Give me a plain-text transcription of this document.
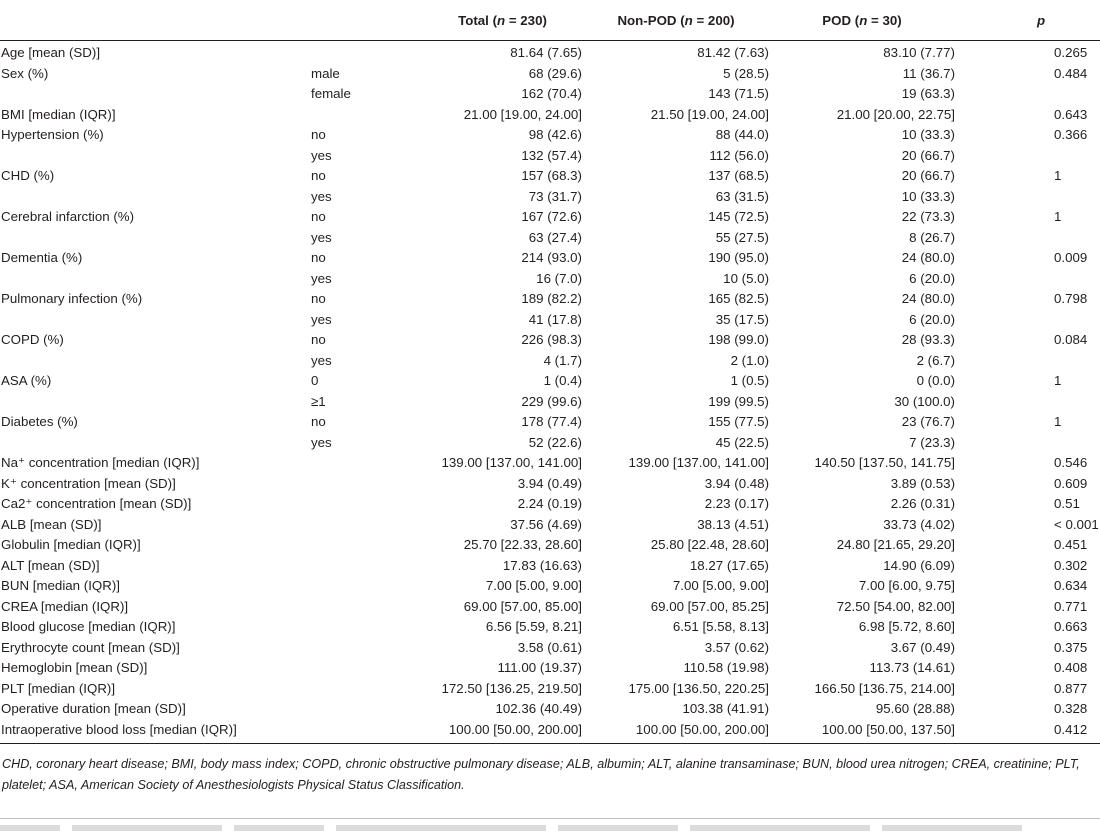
		Total (n = 230)	Non-POD (n = 200)	POD (n = 30)	p
Age [mean (SD)]		81.64 (7.65)	81.42 (7.63)	83.10 (7.77)	0.265
Sex (%)	male	68 (29.6)	5 (28.5)	11 (36.7)	0.484
	female	162 (70.4)	143 (71.5)	19 (63.3)	
BMI [median (IQR)]		21.00 [19.00, 24.00]	21.50 [19.00, 24.00]	21.00 [20.00, 22.75]	0.643
Hypertension (%)	no	98 (42.6)	88 (44.0)	10 (33.3)	0.366
	yes	132 (57.4)	112 (56.0)	20 (66.7)	
CHD (%)	no	157 (68.3)	137 (68.5)	20 (66.7)	1
	yes	73 (31.7)	63 (31.5)	10 (33.3)	
Cerebral infarction (%)	no	167 (72.6)	145 (72.5)	22 (73.3)	1
	yes	63 (27.4)	55 (27.5)	8 (26.7)	
Dementia (%)	no	214 (93.0)	190 (95.0)	24 (80.0)	0.009
	yes	16 (7.0)	10 (5.0)	6 (20.0)	
Pulmonary infection (%)	no	189 (82.2)	165 (82.5)	24 (80.0)	0.798
	yes	41 (17.8)	35 (17.5)	6 (20.0)	
COPD (%)	no	226 (98.3)	198 (99.0)	28 (93.3)	0.084
	yes	4 (1.7)	2 (1.0)	2 (6.7)	
ASA (%)	0	1 (0.4)	1 (0.5)	0 (0.0)	1
	≥1	229 (99.6)	199 (99.5)	30 (100.0)	
Diabetes (%)	no	178 (77.4)	155 (77.5)	23 (76.7)	1
	yes	52 (22.6)	45 (22.5)	7 (23.3)	
Na⁺ concentration [median (IQR)]		139.00 [137.00, 141.00]	139.00 [137.00, 141.00]	140.50 [137.50, 141.75]	0.546
K⁺ concentration [mean (SD)]		3.94 (0.49)	3.94 (0.48)	3.89 (0.53)	0.609
Ca2⁺ concentration [mean (SD)]		2.24 (0.19)	2.23 (0.17)	2.26 (0.31)	0.51
ALB [mean (SD)]		37.56 (4.69)	38.13 (4.51)	33.73 (4.02)	< 0.001
Globulin [median (IQR)]		25.70 [22.33, 28.60]	25.80 [22.48, 28.60]	24.80 [21.65, 29.20]	0.451
ALT [mean (SD)]		17.83 (16.63)	18.27 (17.65)	14.90 (6.09)	0.302
BUN [median (IQR)]		7.00 [5.00, 9.00]	7.00 [5.00, 9.00]	7.00 [6.00, 9.75]	0.634
CREA [median (IQR)]		69.00 [57.00, 85.00]	69.00 [57.00, 85.25]	72.50 [54.00, 82.00]	0.771
Blood glucose [median (IQR)]		6.56 [5.59, 8.21]	6.51 [5.58, 8.13]	6.98 [5.72, 8.60]	0.663
Erythrocyte count [mean (SD)]		3.58 (0.61)	3.57 (0.62)	3.67 (0.49)	0.375
Hemoglobin [mean (SD)]		111.00 (19.37)	110.58 (19.98)	113.73 (14.61)	0.408
PLT [median (IQR)]		172.50 [136.25, 219.50]	175.00 [136.50, 220.25]	166.50 [136.75, 214.00]	0.877
Operative duration [mean (SD)]		102.36 (40.49)	103.38 (41.91)	95.60 (28.88)	0.328
Intraoperative blood loss [median (IQR)]		100.00 [50.00, 200.00]	100.00 [50.00, 200.00]	100.00 [50.00, 137.50]	0.412
CHD, coronary heart disease; BMI, body mass index; COPD, chronic obstructive pulmonary disease; ALB, albumin; ALT, alanine transaminase; BUN, blood urea nitrogen; CREA, creatinine; PLT, platelet; ASA, American Society of Anesthesiologists Physical Status Classification.
